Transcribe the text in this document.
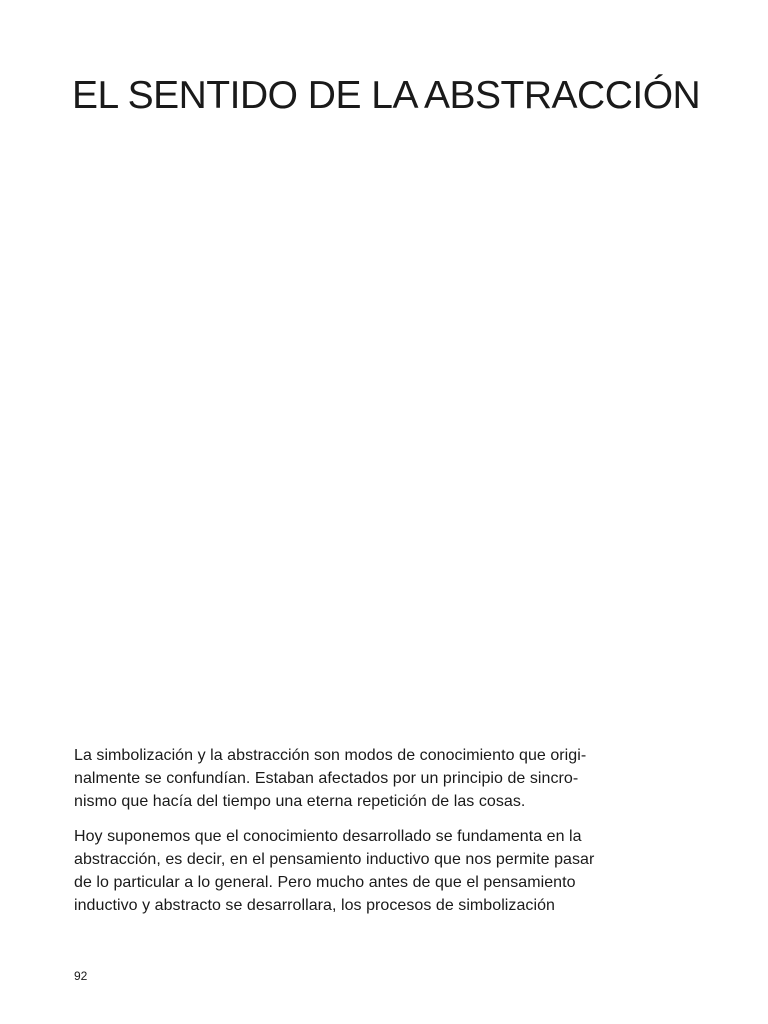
EL SENTIDO DE LA ABSTRACCIÓN

La simbolización y la abstracción son modos de conocimiento que origi-
nalmente se confundían. Estaban afectados por un principio de sincro-
nismo que hacía del tiempo una eterna repetición de las cosas.

Hoy suponemos que el conocimiento desarrollado se fundamenta en la
abstracción, es decir, en el pensamiento inductivo que nos permite pasar
de lo particular a lo general. Pero mucho antes de que el pensamiento
inductivo y abstracto se desarrollara, los procesos de simbolización

92
